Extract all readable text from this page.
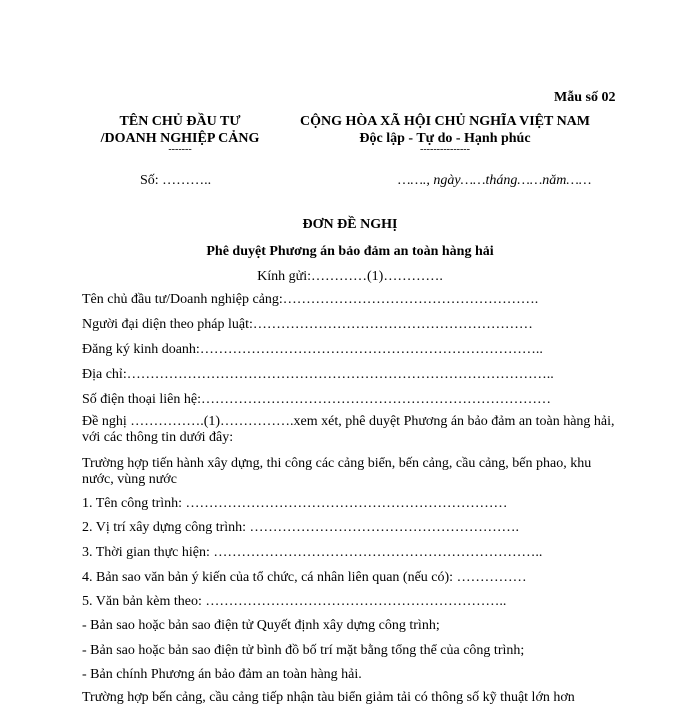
Mẫu số 02
TÊN CHỦ ĐẦU TƯ
/DOANH NGHIỆP CẢNG
-------
CỘNG HÒA XÃ HỘI CHỦ NGHĨA VIỆT NAM
Độc lập - Tự do - Hạnh phúc
---------------
Số: ………..	……., ngày……tháng……năm……
ĐƠN ĐỀ NGHỊ
Phê duyệt Phương án bảo đảm an toàn hàng hải
Kính gửi:…………(1)………….
Tên chủ đầu tư/Doanh nghiệp cảng:……………………………………………….
Người đại diện theo pháp luật:……………………………………………………
Đăng ký kinh doanh:………………………………………………………………..
Địa chỉ:………………………………………………………………………………..
Số điện thoại liên hệ:…………………………………………………………………
Đề nghị …………….(1)…………….xem xét, phê duyệt Phương án bảo đảm an toàn hàng hải, với các thông tin dưới đây:
Trường hợp tiến hành xây dựng, thi công các cảng biển, bến cảng, cầu cảng, bến phao, khu nước, vùng nước
1. Tên công trình: ……………………………………………………………
2. Vị trí xây dựng công trình: ………………………………………………….
3. Thời gian thực hiện: ……………………………………………………………..
4. Bản sao văn bản ý kiến của tổ chức, cá nhân liên quan (nếu có): ……………
5. Văn bản kèm theo: ………………………………………………………..
- Bản sao hoặc bản sao điện tử Quyết định xây dựng công trình;
- Bản sao hoặc bản sao điện tử bình đồ bố trí mặt bằng tổng thể của công trình;
- Bản chính Phương án bảo đảm an toàn hàng hải.
Trường hợp bến cảng, cầu cảng tiếp nhận tàu biển giảm tải có thông số kỹ thuật lớn hơn
